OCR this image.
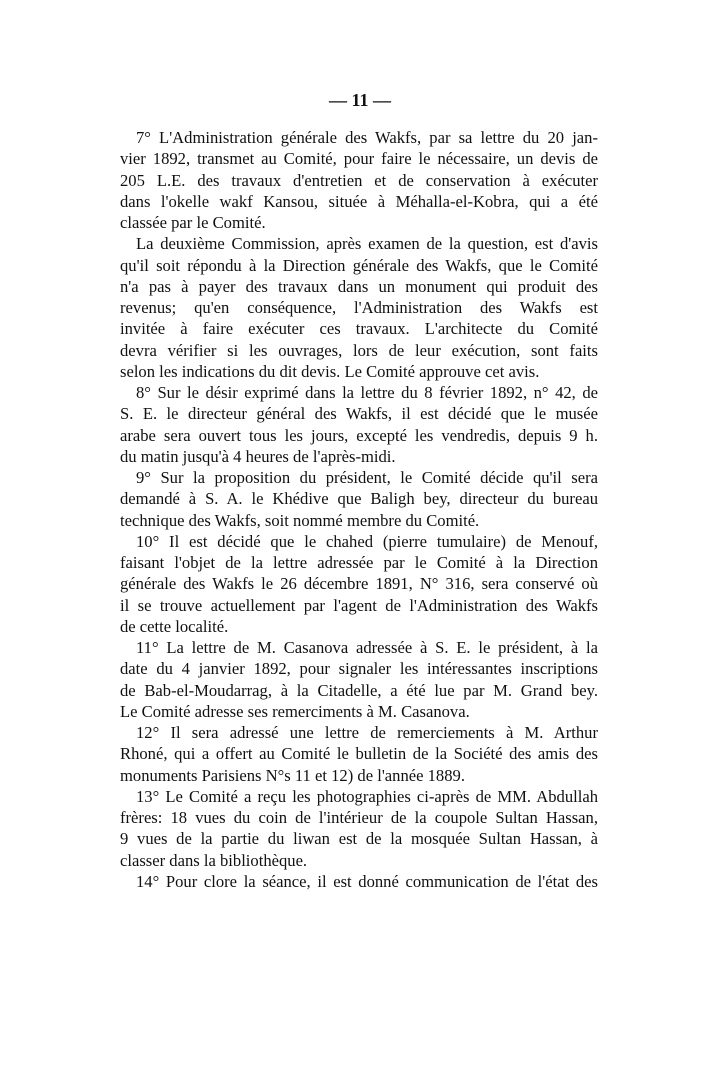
— 11 —
7° L'Administration générale des Wakfs, par sa lettre du 20 jan-
vier 1892, transmet au Comité, pour faire le nécessaire, un devis de
205 L.E. des travaux d'entretien et de conservation à exécuter
dans l'okelle wakf Kansou, située à Méhalla-el-Kobra, qui a été
classée par le Comité.
La deuxième Commission, après examen de la question, est d'avis
qu'il soit répondu à la Direction générale des Wakfs, que le Comité
n'a pas à payer des travaux dans un monument qui produit des
revenus; qu'en conséquence, l'Administration des Wakfs est
invitée à faire exécuter ces travaux. L'architecte du Comité
devra vérifier si les ouvrages, lors de leur exécution, sont faits
selon les indications du dit devis. Le Comité approuve cet avis.
8° Sur le désir exprimé dans la lettre du 8 février 1892, n° 42, de
S. E. le directeur général des Wakfs, il est décidé que le musée
arabe sera ouvert tous les jours, excepté les vendredis, depuis 9 h.
du matin jusqu'à 4 heures de l'après-midi.
9° Sur la proposition du président, le Comité décide qu'il sera
demandé à S. A. le Khédive que Baligh bey, directeur du bureau
technique des Wakfs, soit nommé membre du Comité.
10° Il est décidé que le chahed (pierre tumulaire) de Menouf,
faisant l'objet de la lettre adressée par le Comité à la Direction
générale des Wakfs le 26 décembre 1891, N° 316, sera conservé où
il se trouve actuellement par l'agent de l'Administration des Wakfs
de cette localité.
11° La lettre de M. Casanova adressée à S. E. le président, à la
date du 4 janvier 1892, pour signaler les intéressantes inscriptions
de Bab-el-Moudarrag, à la Citadelle, a été lue par M. Grand bey.
Le Comité adresse ses remerciments à M. Casanova.
12° Il sera adressé une lettre de remerciements à M. Arthur
Rhoné, qui a offert au Comité le bulletin de la Société des amis des
monuments Parisiens N°s 11 et 12) de l'année 1889.
13° Le Comité a reçu les photographies ci-après de MM. Abdullah
frères: 18 vues du coin de l'intérieur de la coupole Sultan Hassan,
9 vues de la partie du liwan est de la mosquée Sultan Hassan, à
classer dans la bibliothèque.
14° Pour clore la séance, il est donné communication de l'état des
